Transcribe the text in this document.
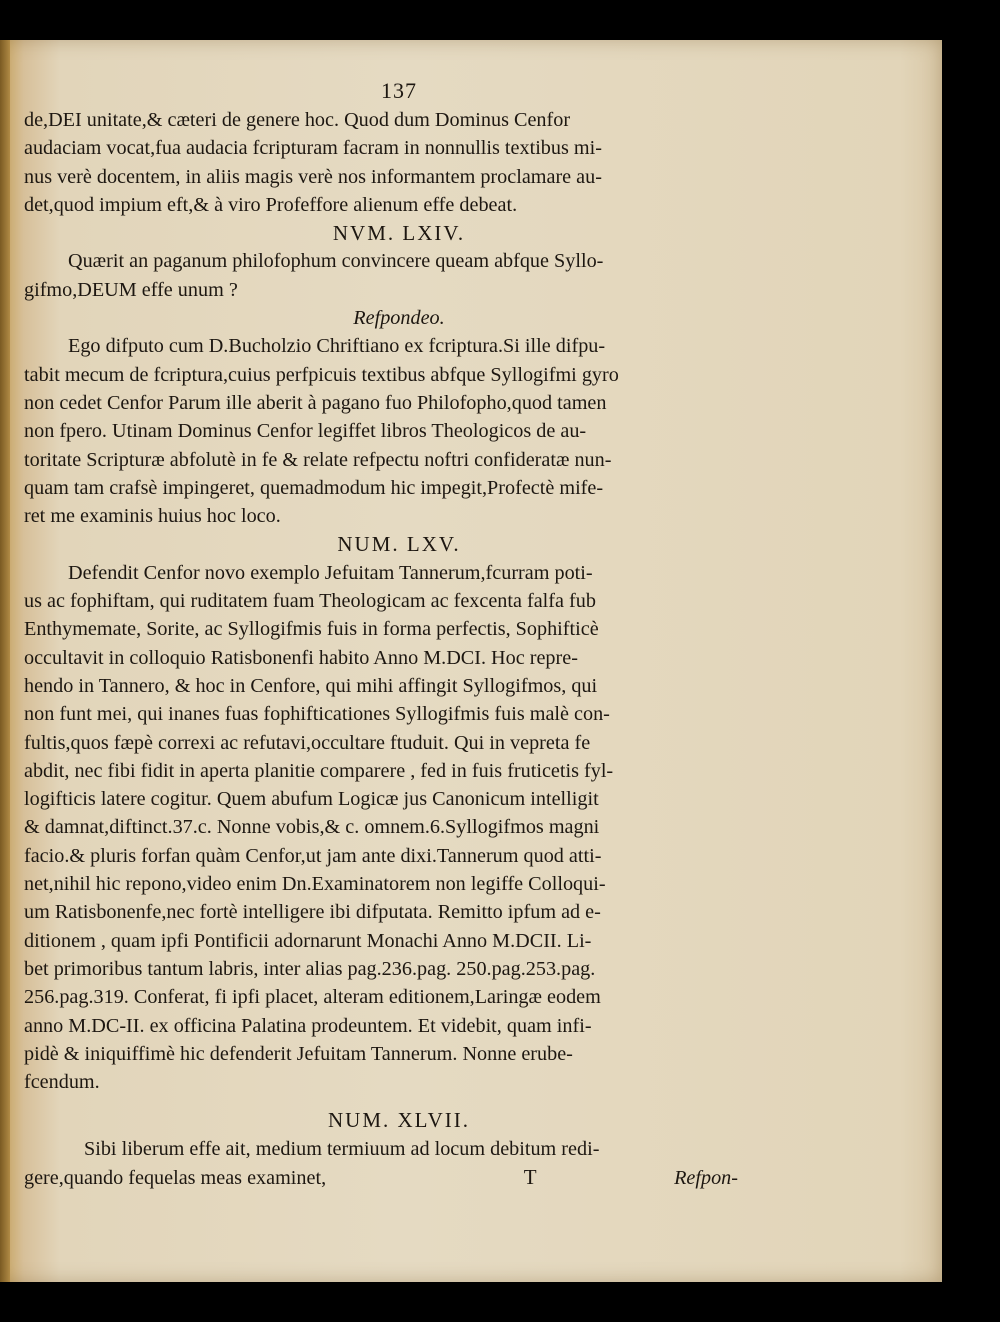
137

de,DEI unitate,& cæteri de genere hoc. Quod dum Dominus Cenfor
audaciam vocat,fua audacia fcripturam facram in nonnullis textibus mi-
nus verè docentem, in aliis magis verè nos informantem proclamare au-
det,quod impium eft,& à viro Profeffore alienum effe debeat.

NVM. LXIV.

Quærit an paganum philofophum convincere queam abfque Syllo-
gifmo,DEUM effe unum ?

Refpondeo.

Ego difputo cum D.Bucholzio Chriftiano ex fcriptura.Si ille difpu-
tabit mecum de fcriptura,cuius perfpicuis textibus abfque Syllogifmi gyro
non cedet Cenfor Parum ille aberit à pagano fuo Philofopho,quod tamen
non fpero. Utinam Dominus Cenfor legiffet libros Theologicos de au-
toritate Scripturæ abfolutè in fe & relate refpectu noftri confideratæ nun-
quam tam crafsè impingeret, quemadmodum hic impegit,Profectè mife-
ret me examinis huius hoc loco.

NUM. LXV.

Defendit Cenfor novo exemplo Jefuitam Tannerum,fcurram poti-
us ac fophiftam, qui ruditatem fuam Theologicam ac fexcenta falfa fub
Enthymemate, Sorite, ac Syllogifmis fuis in forma perfectis, Sophifticè
occultavit in colloquio Ratisbonenfi habito Anno M.DCI. Hoc repre-
hendo in Tannero, & hoc in Cenfore, qui mihi affingit Syllogifmos, qui
non funt mei, qui inanes fuas fophifticationes Syllogifmis fuis malè con-
fultis,quos fæpè correxi ac refutavi,occultare ftuduit. Qui in vepreta fe
abdit, nec fibi fidit in aperta planitie comparere , fed in fuis fruticetis fyl-
logifticis latere cogitur. Quem abufum Logicæ jus Canonicum intelligit
& damnat,diftinct.37.c. Nonne vobis,& c. omnem.6.Syllogifmos magni
facio.& pluris forfan quàm Cenfor,ut jam ante dixi.Tannerum quod atti-
net,nihil hic repono,video enim Dn.Examinatorem non legiffe Colloqui-
um Ratisbonenfe,nec fortè intelligere ibi difputata. Remitto ipfum ad e-
ditionem , quam ipfi Pontificii adornarunt Monachi Anno M.DCII. Li-
bet primoribus tantum labris, inter alias pag.236.pag. 250.pag.253.pag.
256.pag.319. Conferat, fi ipfi placet, alteram editionem,Laringæ eodem
anno M.DC-II. ex officina Palatina prodeuntem. Et videbit, quam infi-
pidè & iniquiffimè hic defenderit Jefuitam Tannerum. Nonne erube-
fcendum.

NUM. XLVII.

Sibi liberum effe ait, medium termiuum ad locum debitum redi-

gere,quando fequelas meas examinet,	T	Refpon-
